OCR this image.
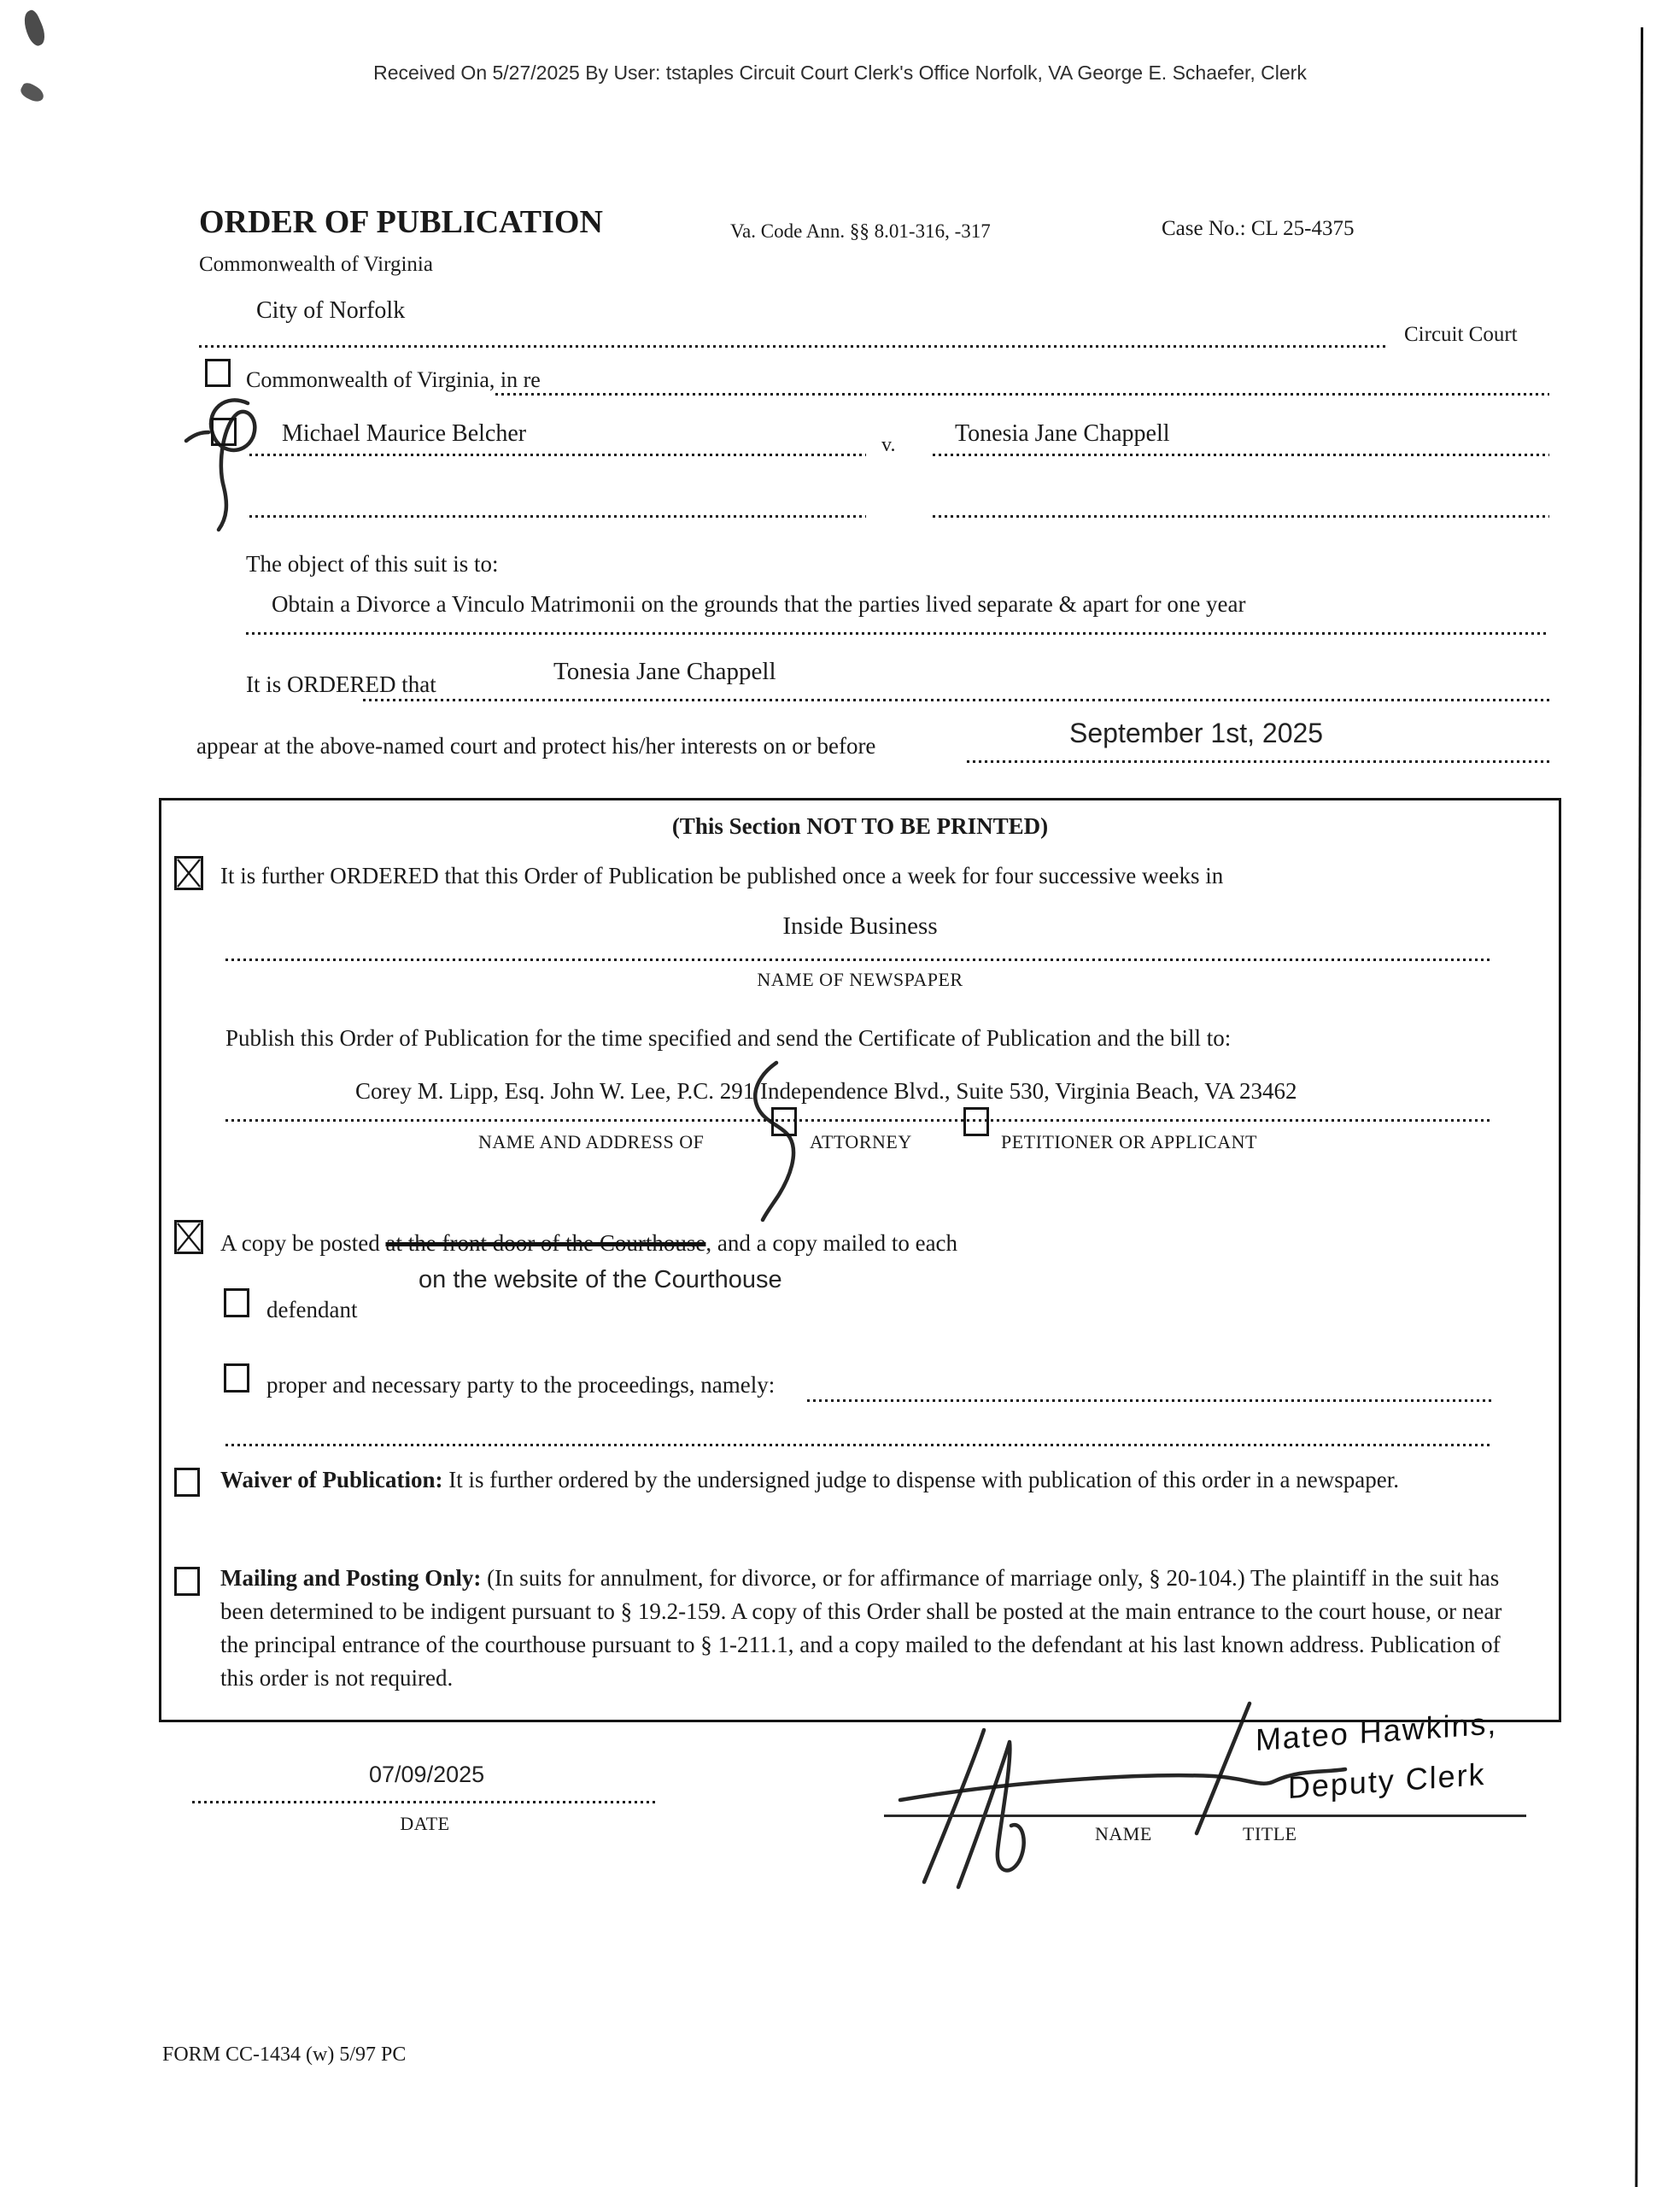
Received On 5/27/2025 By User: tstaples Circuit Court Clerk's Office Norfolk, VA George E. Schaefer, Clerk
ORDER OF PUBLICATION	Va. Code Ann. §§ 8.01-316, -317	Case No.: CL 25-4375
Commonwealth of Virginia
City of Norfolk
Circuit Court
Commonwealth of Virginia, in re
Michael Maurice Belcher	v. Tonesia Jane Chappell
The object of this suit is to:
Obtain a Divorce a Vinculo Matrimonii on the grounds that the parties lived separate & apart for one year
It is ORDERED that	Tonesia Jane Chappell
appear at the above-named court and protect his/her interests on or before	September 1st, 2025
(This Section NOT TO BE PRINTED)
It is further ORDERED that this Order of Publication be published once a week for four successive weeks in
Inside Business
NAME OF NEWSPAPER
Publish this Order of Publication for the time specified and send the Certificate of Publication and the bill to:
Corey M. Lipp, Esq. John W. Lee, P.C. 291 Independence Blvd., Suite 530, Virginia Beach, VA 23462
NAME AND ADDRESS OF	ATTORNEY	PETITIONER OR APPLICANT
A copy be posted at the front door of the Courthouse, and a copy mailed to each
on the website of the Courthouse
defendant
proper and necessary party to the proceedings, namely:

Waiver of Publication: It is further ordered by the undersigned judge to dispense with publication of this order in a newspaper.

Mailing and Posting Only: (In suits for annulment, for divorce, or for affirmance of marriage only, § 20-104.) The plaintiff in the suit has been determined to be indigent pursuant to § 19.2-159. A copy of this Order shall be posted at the main entrance to the court house, or near the principal entrance of the courthouse pursuant to § 1-211.1, and a copy mailed to the defendant at his last known address. Publication of this order is not required.

07/09/2025
DATE	NAME	TITLE
Mateo Hawkins,
Deputy Clerk
FORM CC-1434 (w) 5/97 PC
